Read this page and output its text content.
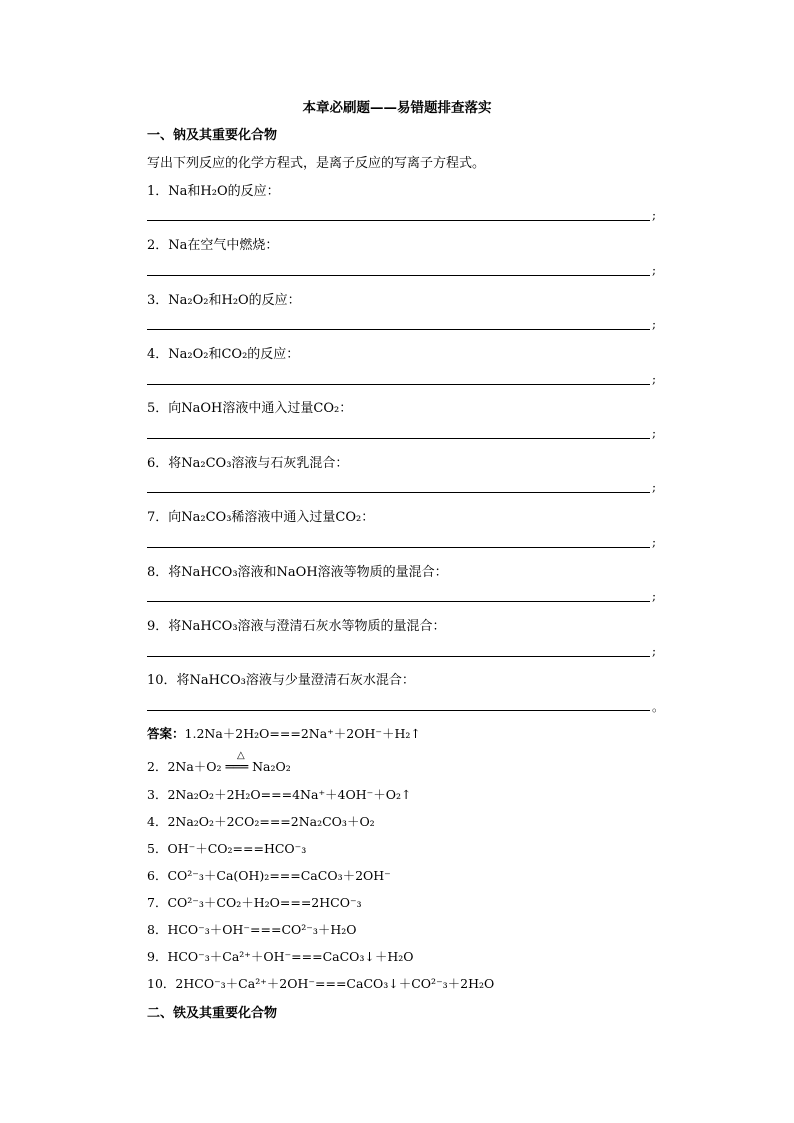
本章必刷题——易错题排查落实
一、钠及其重要化合物
写出下列反应的化学方程式，是离子反应的写离子方程式。
1．Na和H₂O的反应：
;
2．Na在空气中燃烧：
;
3．Na₂O₂和H₂O的反应：
;
4．Na₂O₂和CO₂的反应：
;
5．向NaOH溶液中通入过量CO₂：
;
6．将Na₂CO₃溶液与石灰乳混合：
;
7．向Na₂CO₃稀溶液中通入过量CO₂：
;
8．将NaHCO₃溶液和NaOH溶液等物质的量混合：
;
9．将NaHCO₃溶液与澄清石灰水等物质的量混合：
;
10．将NaHCO₃溶液与少量澄清石灰水混合：
。
答案：1.2Na＋2H₂O===2Na⁺＋2OH⁻＋H₂↑
△
2．2Na＋O₂ ═══ Na₂O₂
3．2Na₂O₂＋2H₂O===4Na⁺＋4OH⁻＋O₂↑
4．2Na₂O₂＋2CO₂===2Na₂CO₃＋O₂
5．OH⁻＋CO₂===HCO⁻₃
6．CO²⁻₃＋Ca(OH)₂===CaCO₃＋2OH⁻
7．CO²⁻₃＋CO₂＋H₂O===2HCO⁻₃
8．HCO⁻₃＋OH⁻===CO²⁻₃＋H₂O
9．HCO⁻₃＋Ca²⁺＋OH⁻===CaCO₃↓＋H₂O
10．2HCO⁻₃＋Ca²⁺＋2OH⁻===CaCO₃↓＋CO²⁻₃＋2H₂O
二、铁及其重要化合物
